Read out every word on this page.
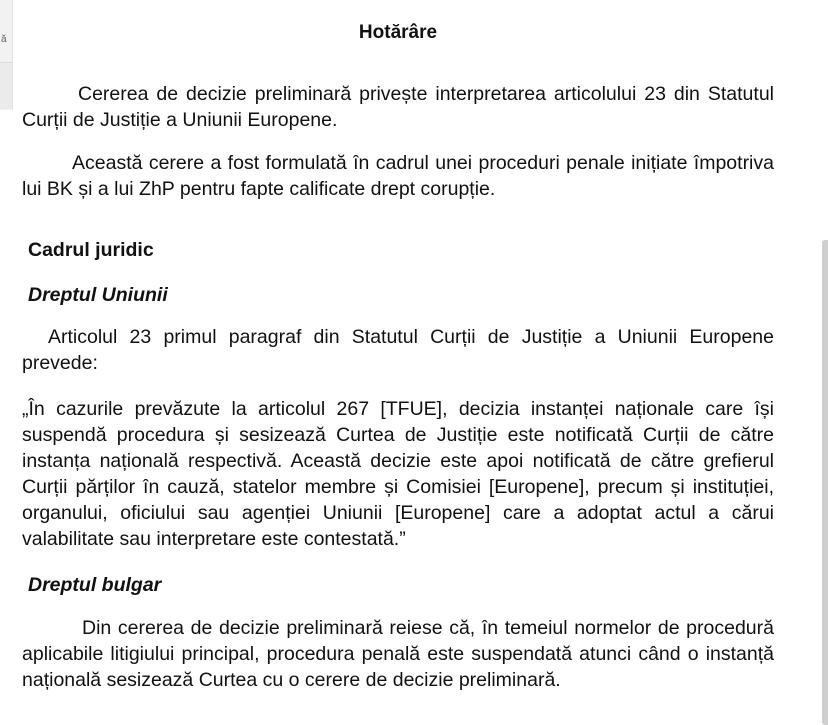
ă	Hotărâre

Cererea de decizie preliminară privește interpretarea articolului 23 din Statutul Curții de Justiție a Uniunii Europene.

Această cerere a fost formulată în cadrul unei proceduri penale inițiate împotriva lui BK și a lui ZhP pentru fapte calificate drept corupție.

Cadrul juridic
Dreptul Uniunii

Articolul 23 primul paragraf din Statutul Curții de Justiție a Uniunii Europene prevede:

„În cazurile prevăzute la articolul 267 [TFUE], decizia instanței naționale care își suspendă procedura și sesizează Curtea de Justiție este notificată Curții de către instanța națională respectivă. Această decizie este apoi notificată de către grefierul Curții părților în cauză, statelor membre și Comisiei [Europene], precum și instituției, organului, oficiului sau agenției Uniunii [Europene] care a adoptat actul a cărui valabilitate sau interpretare este contestată.”

Dreptul bulgar

Din cererea de decizie preliminară reiese că, în temeiul normelor de procedură aplicabile litigiului principal, procedura penală este suspendată atunci când o instanță națională sesizează Curtea cu o cerere de decizie preliminară.
